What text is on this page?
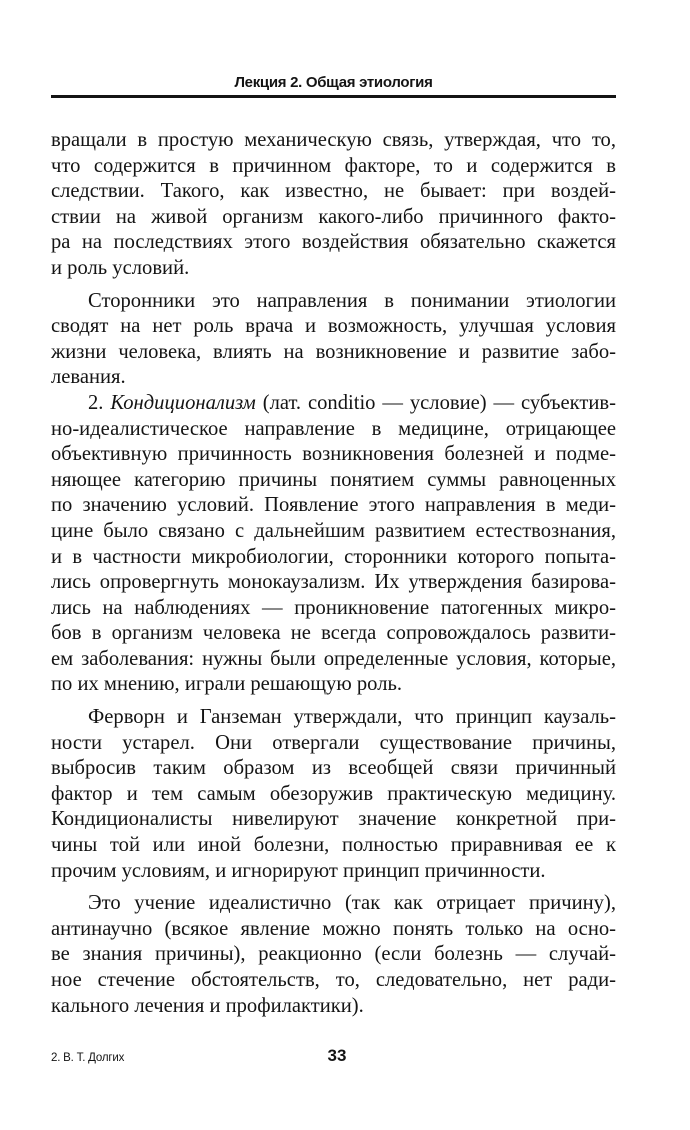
Лекция 2. Общая этиология
вращали в простую механическую связь, утверждая, что то,
что содержится в причинном факторе, то и содержится в
следствии. Такого, как известно, не бывает: при воздей-
ствии на живой организм какого-либо причинного факто-
ра на последствиях этого воздействия обязательно скажется
и роль условий.
Сторонники это направления в понимании этиологии
сводят на нет роль врача и возможность, улучшая условия
жизни человека, влиять на возникновение и развитие забо-
левания.
2. Кондиционализм (лат. conditio — условие) — субъектив-
но-идеалистическое направление в медицине, отрицающее
объективную причинность возникновения болезней и подме-
няющее категорию причины понятием суммы равноценных
по значению условий. Появление этого направления в меди-
цине было связано с дальнейшим развитием естествознания,
и в частности микробиологии, сторонники которого попыта-
лись опровергнуть монокаузализм. Их утверждения базирова-
лись на наблюдениях — проникновение патогенных микро-
бов в организм человека не всегда сопровождалось развити-
ем заболевания: нужны были определенные условия, которые,
по их мнению, играли решающую роль.
Ферворн и Ганземан утверждали, что принцип каузаль-
ности устарел. Они отвергали существование причины,
выбросив таким образом из всеобщей связи причинный
фактор и тем самым обезоружив практическую медицину.
Кондиционалисты нивелируют значение конкретной при-
чины той или иной болезни, полностью приравнивая ее к
прочим условиям, и игнорируют принцип причинности.
Это учение идеалистично (так как отрицает причину),
антинаучно (всякое явление можно понять только на осно-
ве знания причины), реакционно (если болезнь — случай-
ное стечение обстоятельств, то, следовательно, нет ради-
кального лечения и профилактики).
2. В. Т. Долгих	33
